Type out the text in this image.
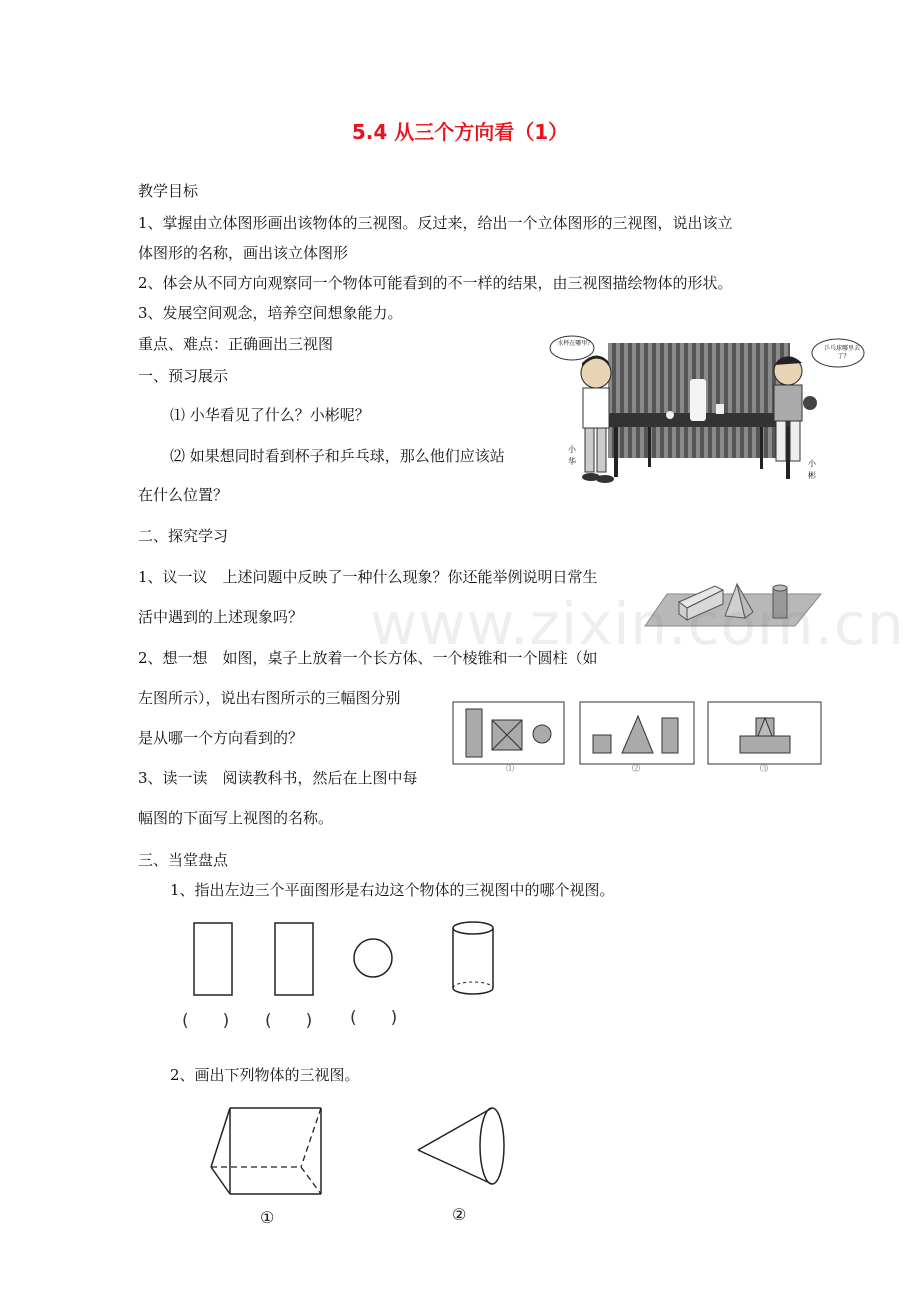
5.4 从三个方向看（1）
教学目标
1、掌握由立体图形画出该物体的三视图。反过来，给出一个立体图形的三视图，说出该立
体图形的名称，画出该立体图形
2、体会从不同方向观察同一个物体可能看到的不一样的结果，由三视图描绘物体的形状。
3、发展空间观念，培养空间想象能力。
重点、难点：正确画出三视图
一、预习展示
⑴ 小华看见了什么？小彬呢？
⑵ 如果想同时看到杯子和乒乓球，那么他们应该站
在什么位置？
水杯在哪里?
乒乓球哪里去了?
小华	小彬
二、探究学习
1、议一议　上述问题中反映了一种什么现象？你还能举例说明日常生
活中遇到的上述现象吗？
2、想一想　如图，桌子上放着一个长方体、一个棱锥和一个圆柱（如
左图所示），说出右图所示的三幅图分别
是从哪一个方向看到的？
3、读一读　阅读教科书，然后在上图中每
幅图的下面写上视图的名称。
⑴	⑵	⑶
www.zixin.com.cn
三、当堂盘点
1、指出左边三个平面图形是右边这个物体的三视图中的哪个视图。
(　　) (　　) (　　)
2、画出下列物体的三视图。
①	②
